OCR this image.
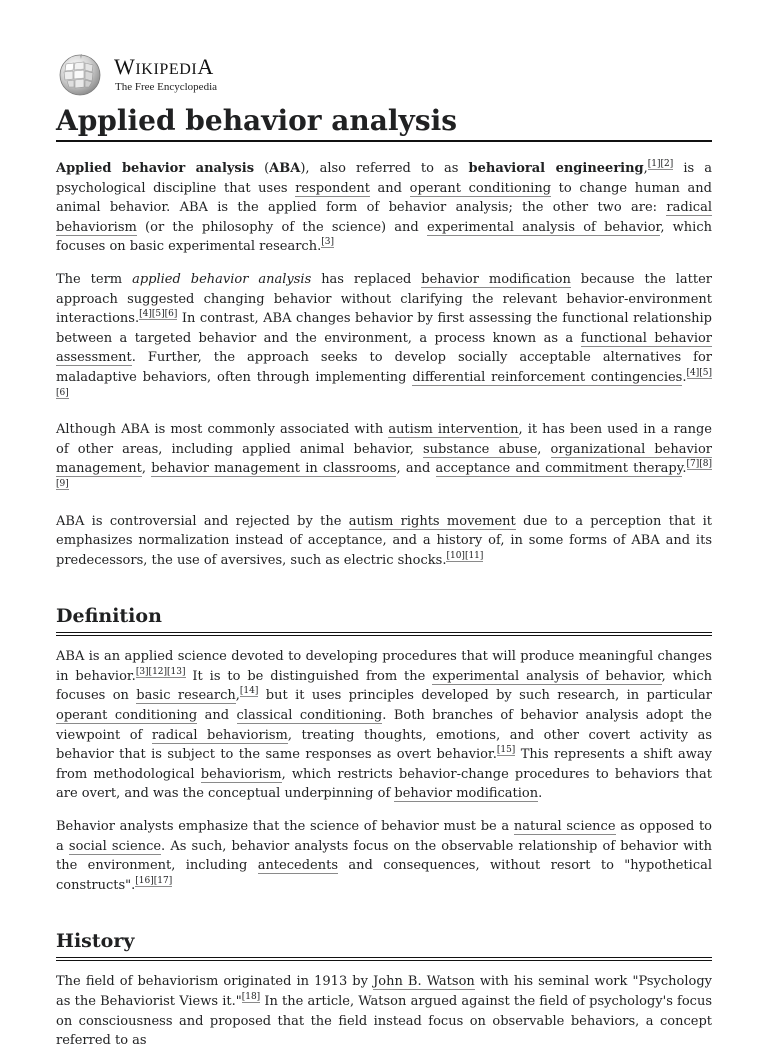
WIKIPEDIA
The Free Encyclopedia
Applied behavior analysis

Applied behavior analysis (ABA), also referred to as behavioral engineering,[1][2] is a psychological discipline that uses respondent and operant conditioning to change human and animal behavior. ABA is the applied form of behavior analysis; the other two are: radical behaviorism (or the philosophy of the science) and experimental analysis of behavior, which focuses on basic experimental research.[3]

The term applied behavior analysis has replaced behavior modification because the latter approach suggested changing behavior without clarifying the relevant behavior-environment interactions.[4][5][6] In contrast, ABA changes behavior by first assessing the functional relationship between a targeted behavior and the environment, a process known as a functional behavior assessment. Further, the approach seeks to develop socially acceptable alternatives for maladaptive behaviors, often through implementing differential reinforcement contingencies.[4][5][6]

Although ABA is most commonly associated with autism intervention, it has been used in a range of other areas, including applied animal behavior, substance abuse, organizational behavior management, behavior management in classrooms, and acceptance and commitment therapy.[7][8][9]

ABA is controversial and rejected by the autism rights movement due to a perception that it emphasizes normalization instead of acceptance, and a history of, in some forms of ABA and its predecessors, the use of aversives, such as electric shocks.[10][11]

Definition

ABA is an applied science devoted to developing procedures that will produce meaningful changes in behavior.[3][12][13] It is to be distinguished from the experimental analysis of behavior, which focuses on basic research,[14] but it uses principles developed by such research, in particular operant conditioning and classical conditioning. Both branches of behavior analysis adopt the viewpoint of radical behaviorism, treating thoughts, emotions, and other covert activity as behavior that is subject to the same responses as overt behavior.[15] This represents a shift away from methodological behaviorism, which restricts behavior-change procedures to behaviors that are overt, and was the conceptual underpinning of behavior modification.

Behavior analysts emphasize that the science of behavior must be a natural science as opposed to a social science. As such, behavior analysts focus on the observable relationship of behavior with the environment, including antecedents and consequences, without resort to "hypothetical constructs".[16][17]

History

The field of behaviorism originated in 1913 by John B. Watson with his seminal work "Psychology as the Behaviorist Views it."[18] In the article, Watson argued against the field of psychology's focus on consciousness and proposed that the field instead focus on observable behaviors, a concept referred to as
